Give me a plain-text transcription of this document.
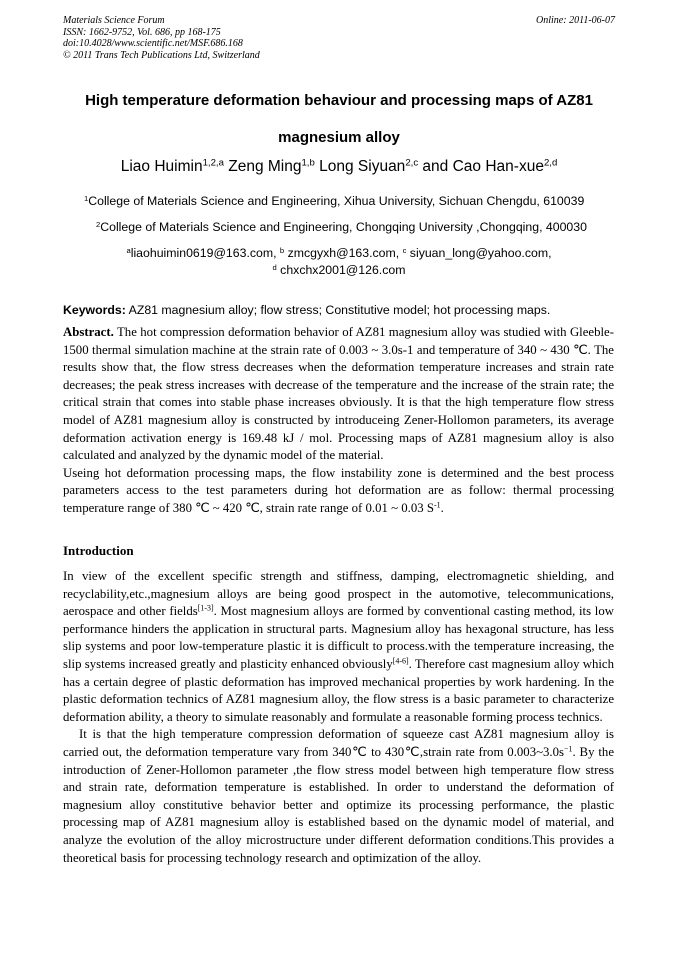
Materials Science Forum
ISSN: 1662-9752, Vol. 686, pp 168-175
doi:10.4028/www.scientific.net/MSF.686.168
© 2011 Trans Tech Publications Ltd, Switzerland
Online: 2011-06-07
High temperature deformation behaviour and processing maps of AZ81
magnesium alloy
Liao Huimin$^{1,2,a}$ Zeng Ming$^{1,b}$ Long Siyuan$^{2,c}$ and Cao Han-xue$^{2,d}$
$^1$College of Materials Science and Engineering, Xihua University, Sichuan Chengdu, 610039
$^2$College of Materials Science and Engineering, Chongqing University ,Chongqing, 400030
$^a$liaohuimin0619@163.com, $^b$ zmcgyxh@163.com, $^c$ siyuan_long@yahoo.com,
$^d$ chxchx2001@126.com
Keywords: AZ81 magnesium alloy; flow stress; Constitutive model; hot processing maps.

Abstract. The hot compression deformation behavior of AZ81 magnesium alloy was studied with Gleeble-1500 thermal simulation machine at the strain rate of 0.003 ~ 3.0s-1 and temperature of 340 ~ 430 ℃. The results show that, the flow stress decreases when the deformation temperature increases and strain rate decreases; the peak stress increases with decrease of the temperature and the increase of the strain rate; the critical strain that comes into stable phase increases obviously. It is that the high temperature flow stress model of AZ81 magnesium alloy is constructed by introduceing Zener-Hollomon parameters, its average deformation activation energy is 169.48 kJ / mol. Processing maps of AZ81 magnesium alloy is also calculated and analyzed by the dynamic model of the material.

Useing hot deformation processing maps, the flow instability zone is determined and the best process parameters access to the test parameters during hot deformation are as follow: thermal processing temperature range of 380 ℃ ~ 420 ℃, strain rate range of 0.01 ~ 0.03 $S^{-1}$.

Introduction

In view of the excellent specific strength and stiffness, damping, electromagnetic shielding, and recyclability,etc.,magnesium alloys are being good prospect in the automotive, telecommunications, aerospace and other fields[1-3]. Most magnesium alloys are formed by conventional casting method, its low performance hinders the application in structural parts. Magnesium alloy has hexagonal structure, has less slip systems and poor low-temperature plastic it is difficult to process.with the temperature increasing, the slip systems increased greatly and plasticity enhanced obviously[4-6]. Therefore cast magnesium alloy which has a certain degree of plastic deformation has improved mechanical properties by work hardening. In the plastic deformation technics of AZ81 magnesium alloy, the flow stress is a basic parameter to characterize deformation ability, a theory to simulate reasonably and formulate a reasonable forming process technics.

It is that the high temperature compression deformation of squeeze cast AZ81 magnesium alloy is carried out, the deformation temperature vary from 340℃ to 430℃,strain rate from $0.003\sim 3.0s^{-1}$. By the introduction of Zener-Hollomon parameter ,the flow stress model between high temperature flow stress and strain rate, deformation temperature is established. In order to understand the deformation of magnesium alloy constitutive behavior better and optimize its processing performance, the plastic processing map of AZ81 magnesium alloy is established based on the dynamic model of material, and analyze the evolution of the alloy microstructure under different deformation conditions.This provides a theoretical basis for processing technology research and optimization of the alloy.
